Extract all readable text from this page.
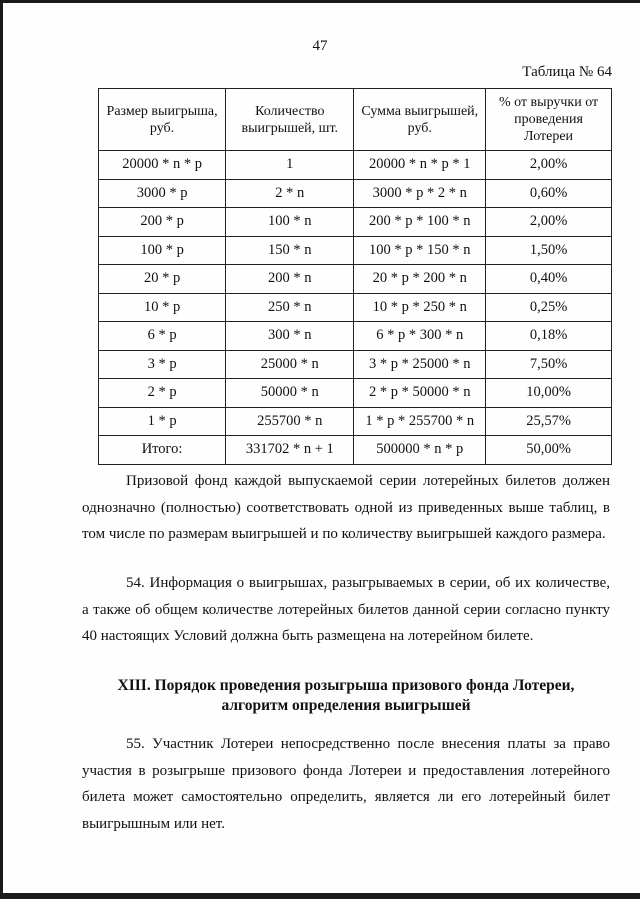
47
Таблица № 64
Размер выигрыша, руб.	Количество выигрышей, шт.	Сумма выигрышей, руб.	% от выручки от проведения Лотереи
20000 * n * p	1	20000 * n * p * 1	2,00%
3000 * p	2 * n	3000 * p * 2 * n	0,60%
200 * p	100 * n	200 * p * 100 * n	2,00%
100 * p	150 * n	100 * p * 150 * n	1,50%
20 * p	200 * n	20 * p * 200 * n	0,40%
10 * p	250 * n	10 * p * 250 * n	0,25%
6 * p	300 * n	6 * p * 300 * n	0,18%
3 * p	25000 * n	3 * p * 25000 * n	7,50%
2 * p	50000 * n	2 * p * 50000 * n	10,00%
1 * p	255700 * n	1 * p * 255700 * n	25,57%
Итого:	331702 * n + 1	500000 * n * p	50,00%
Призовой фонд каждой выпускаемой серии лотерейных билетов должен однозначно (полностью) соответствовать одной из приведенных выше таблиц, в том числе по размерам выигрышей и по количеству выигрышей каждого размера.
54. Информация о выигрышах, разыгрываемых в серии, об их количестве, а также об общем количестве лотерейных билетов данной серии согласно пункту 40 настоящих Условий должна быть размещена на лотерейном билете.
XIII. Порядок проведения розыгрыша призового фонда Лотереи,
алгоритм определения выигрышей
55. Участник Лотереи непосредственно после внесения платы за право участия в розыгрыше призового фонда Лотереи и предоставления лотерейного билета может самостоятельно определить, является ли его лотерейный билет выигрышным или нет.
